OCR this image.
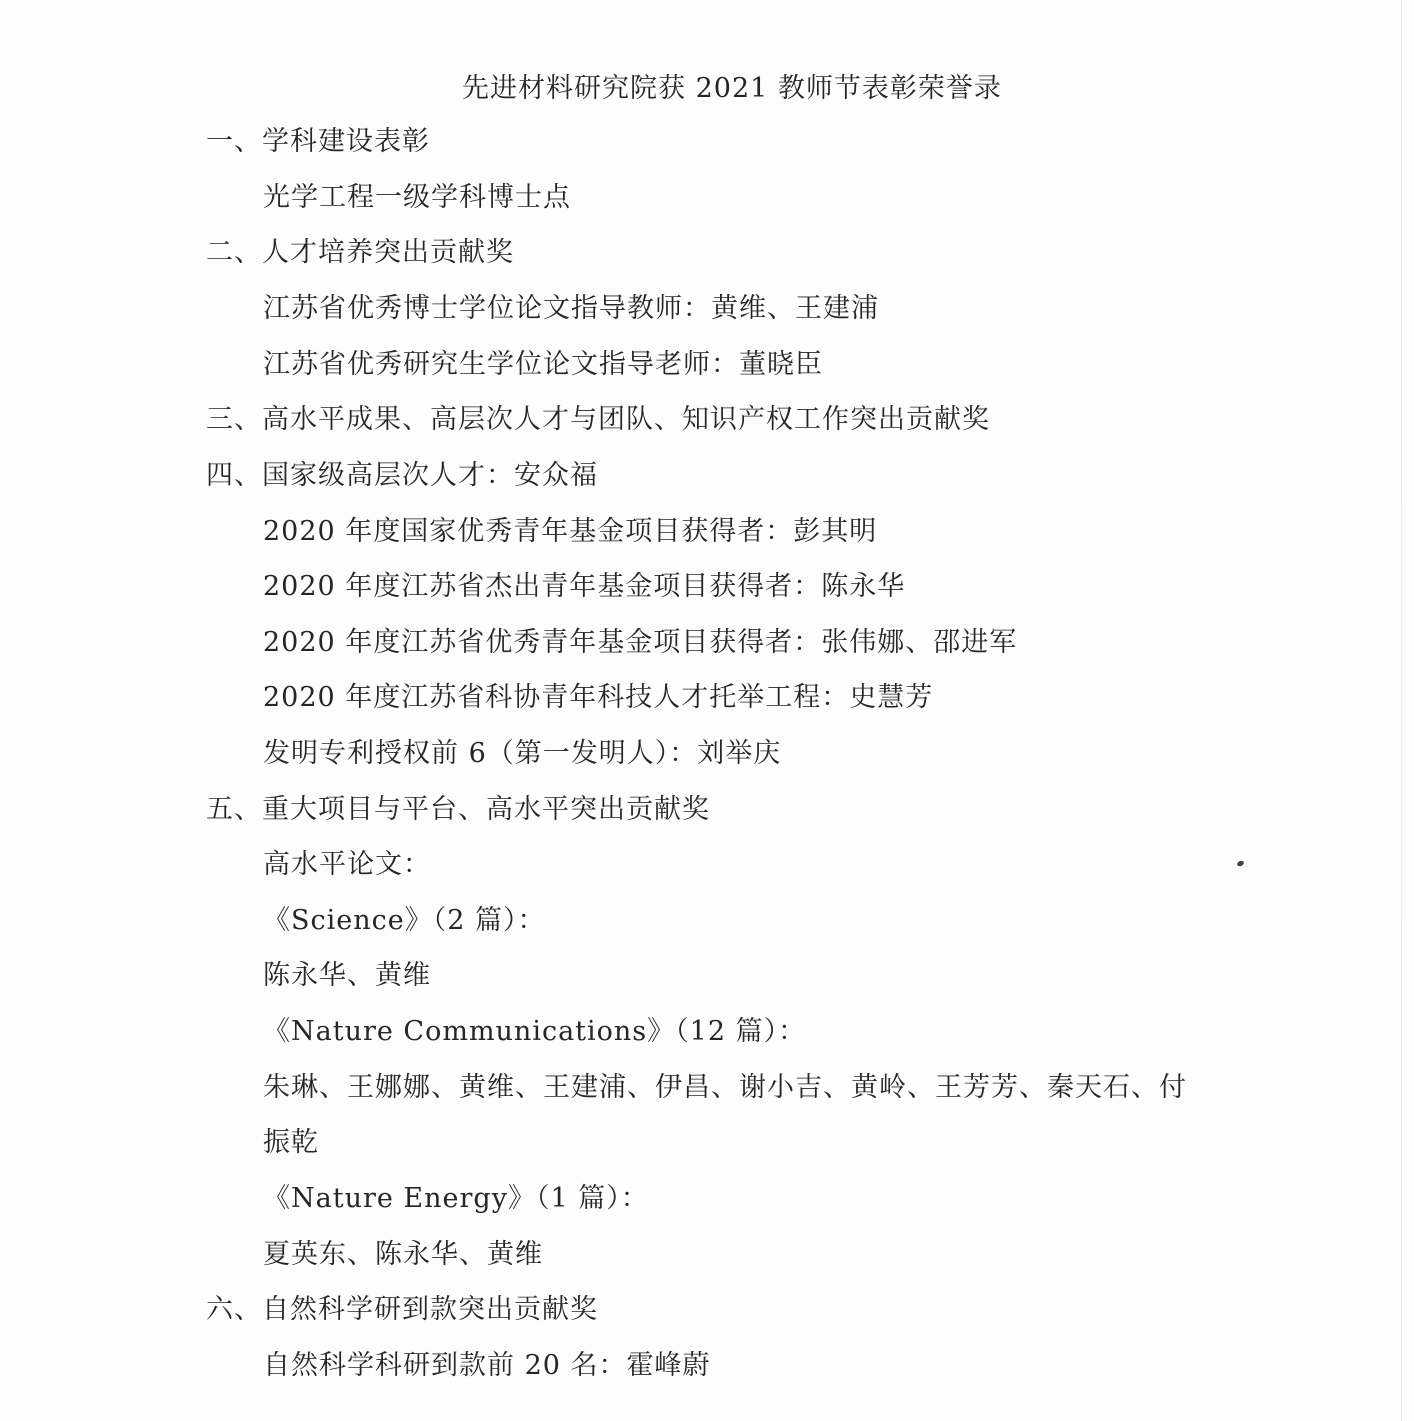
先进材料研究院获 2021 教师节表彰荣誉录
一、学科建设表彰
光学工程一级学科博士点
二、人才培养突出贡献奖
江苏省优秀博士学位论文指导教师：黄维、王建浦
江苏省优秀研究生学位论文指导老师：董晓臣
三、高水平成果、高层次人才与团队、知识产权工作突出贡献奖
四、国家级高层次人才：安众福
2020 年度国家优秀青年基金项目获得者：彭其明
2020 年度江苏省杰出青年基金项目获得者：陈永华
2020 年度江苏省优秀青年基金项目获得者：张伟娜、邵进军
2020 年度江苏省科协青年科技人才托举工程：史慧芳
发明专利授权前 6（第一发明人）：刘举庆
五、重大项目与平台、高水平突出贡献奖
高水平论文：
《Science》（2 篇）：
陈永华、黄维
《Nature Communications》（12 篇）：
朱琳、王娜娜、黄维、王建浦、伊昌、谢小吉、黄岭、王芳芳、秦天石、付
振乾
《Nature Energy》（1 篇）：
夏英东、陈永华、黄维
六、自然科学研到款突出贡献奖
自然科学科研到款前 20 名：霍峰蔚
